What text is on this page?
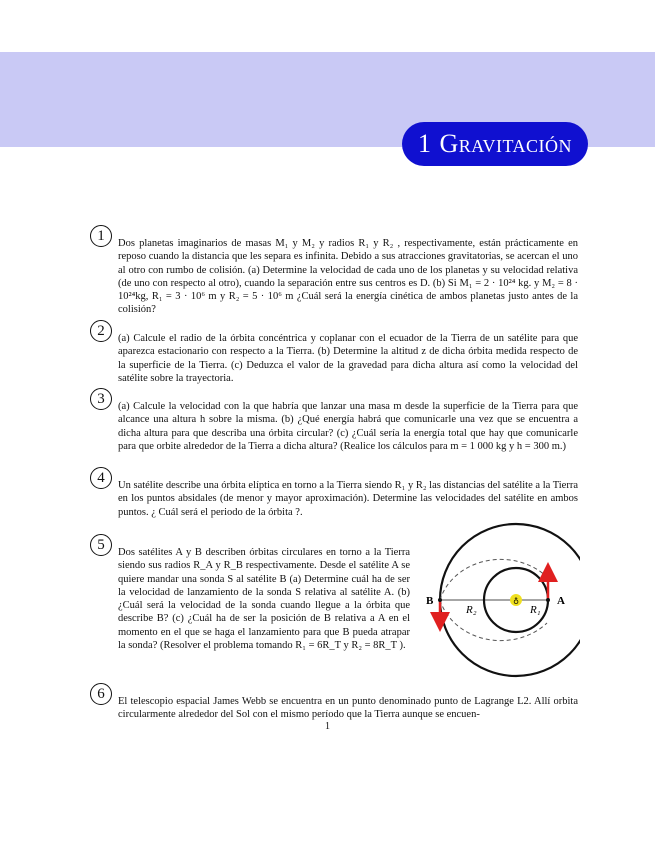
1 Gravitación
1	Dos planetas imaginarios de masas M₁ y M₂ y radios R₁ y R₂ , respectivamente, están prácticamente en reposo cuando la distancia que les separa es infinita. Debido a sus atracciones gravitatorias, se acercan el uno al otro con rumbo de colisión. (a) Determine la velocidad de cada uno de los planetas y su velocidad relativa (de uno con respecto al otro), cuando la separación entre sus centros es D. (b) Si M₁ = 2 · 10²⁴ kg. y M₂ = 8 · 10²⁴kg, R₁ = 3 · 10⁶ m y R₂ = 5 · 10⁶ m ¿Cuál será la energía cinética de ambos planetas justo antes de la colisión?
2	(a) Calcule el radio de la órbita concéntrica y coplanar con el ecuador de la Tierra de un satélite para que aparezca estacionario con respecto a la Tierra. (b) Determine la altitud z de dicha órbita medida respecto de la superficie de la Tierra. (c) Deduzca el valor de la gravedad para dicha altura así como la velocidad del satélite sobre la trayectoria.
3	(a) Calcule la velocidad con la que habría que lanzar una masa m desde la superficie de la Tierra para que alcance una altura h sobre la misma. (b) ¿Qué energía habrá que comunicarle una vez que se encuentra a dicha altura para que describa una órbita circular? (c) ¿Cuál sería la energía total que hay que comunicarle para que orbite alrededor de la Tierra a dicha altura? (Realice los cálculos para m = 1 000 kg y h = 300 m.)
4	Un satélite describe una órbita elíptica en torno a la Tierra siendo R₁ y R₂ las distancias del satélite a la Tierra en los puntos absidales (de menor y mayor aproximación). Determine las velocidades del satélite en ambos puntos. ¿ Cuál será el periodo de la órbita ?.
5	Dos satélites A y B describen órbitas circulares en torno a la Tierra siendo sus radios R_A y R_B respectivamente. Desde el satélite A se quiere mandar una sonda S al satélite B (a) Determine cuál ha de ser la velocidad de lanzamiento de la sonda S relativa al satélite A. (b) ¿Cuál será la velocidad de la sonda cuando llegue a la órbita que describe B? (c) ¿Cuál ha de ser la posición de B relativa a A en el momento en el que se haga el lanzamiento para que B pueda atrapar la sonda? (Resolver el problema tomando R₁ = 6R_T y R₂ = 8R_T ).
♁
B	A
R₂	R₁
6	El telescopio espacial James Webb se encuentra en un punto denominado punto de Lagrange L2. Allí orbita circularmente alrededor del Sol con el mismo período que la Tierra aunque se encuen-
1
